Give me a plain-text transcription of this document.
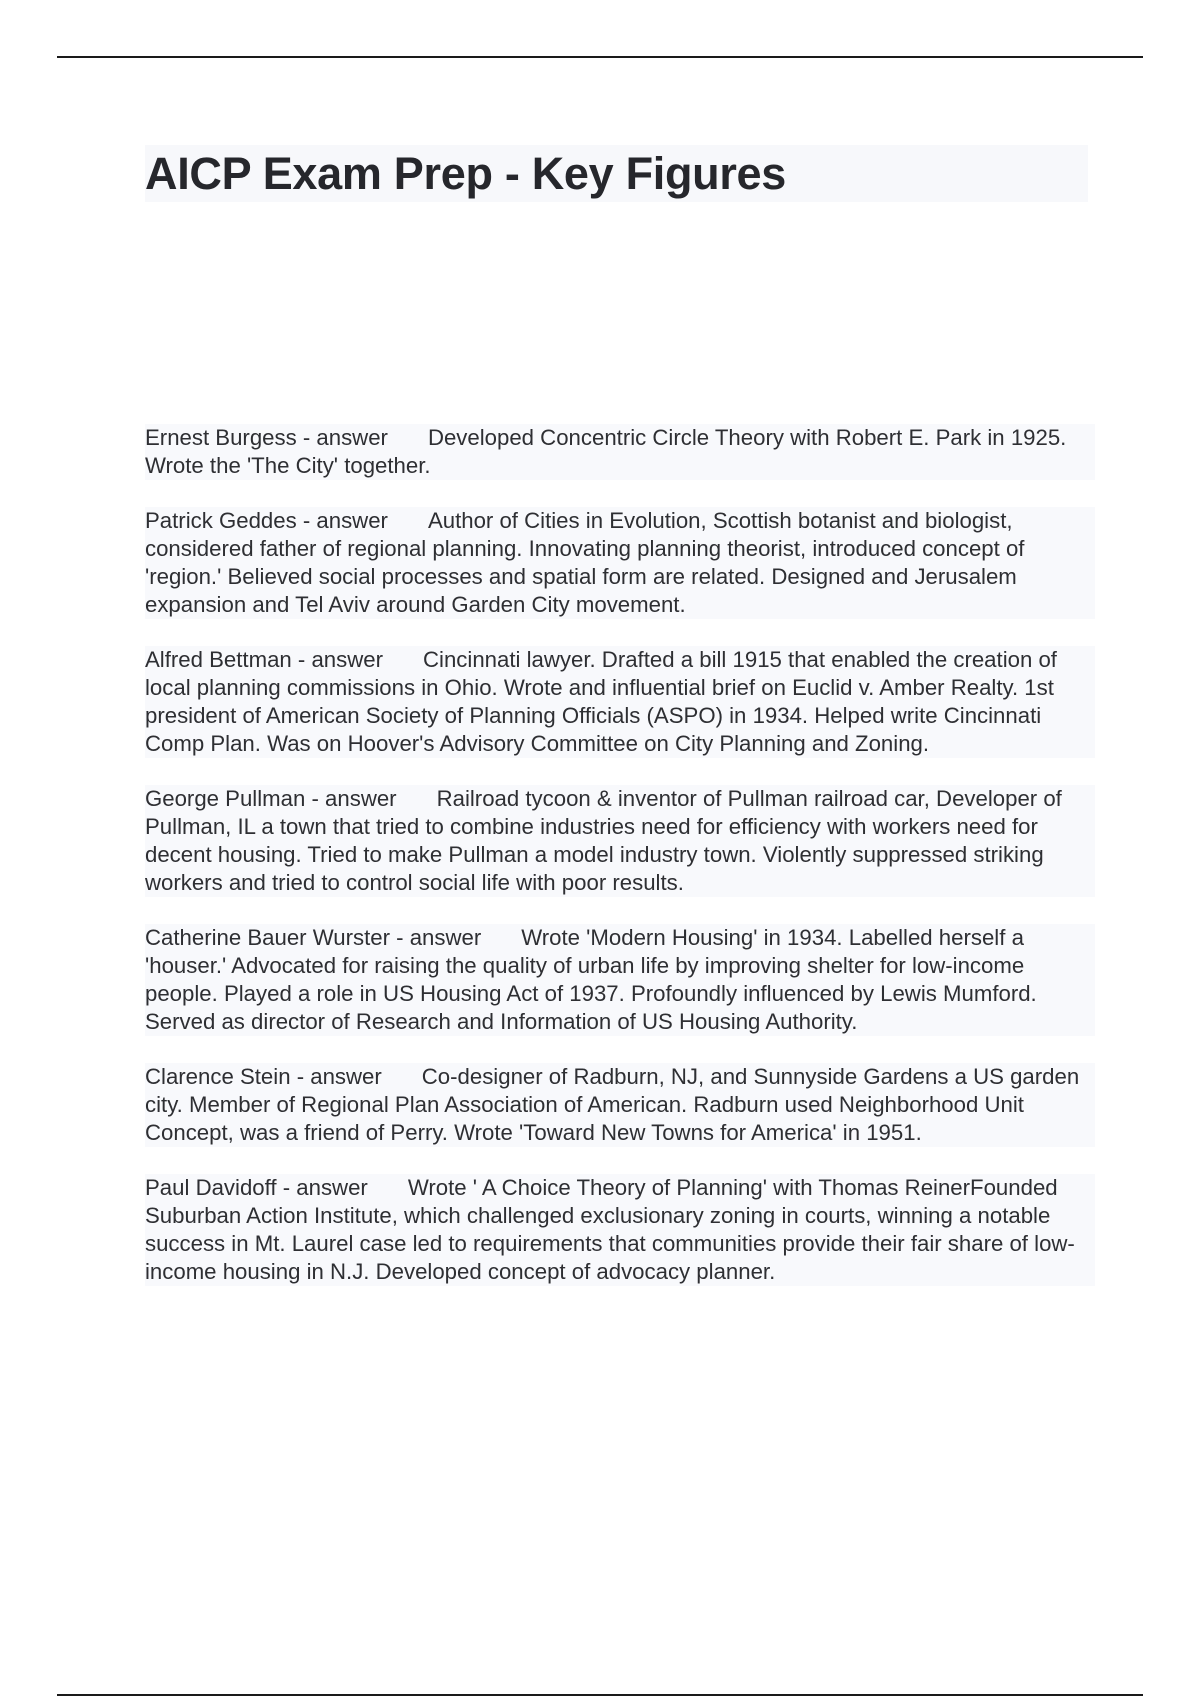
AICP Exam Prep - Key Figures

Ernest Burgess - answer Developed Concentric Circle Theory with Robert E. Park in 1925. Wrote the 'The City' together.

Patrick Geddes - answer Author of Cities in Evolution, Scottish botanist and biologist, considered father of regional planning. Innovating planning theorist, introduced concept of 'region.' Believed social processes and spatial form are related. Designed and Jerusalem expansion and Tel Aviv around Garden City movement.

Alfred Bettman - answer Cincinnati lawyer. Drafted a bill 1915 that enabled the creation of local planning commissions in Ohio. Wrote and influential brief on Euclid v. Amber Realty. 1st president of American Society of Planning Officials (ASPO) in 1934. Helped write Cincinnati Comp Plan. Was on Hoover's Advisory Committee on City Planning and Zoning.

George Pullman - answer Railroad tycoon & inventor of Pullman railroad car, Developer of Pullman, IL a town that tried to combine industries need for efficiency with workers need for decent housing. Tried to make Pullman a model industry town. Violently suppressed striking workers and tried to control social life with poor results.

Catherine Bauer Wurster - answer Wrote 'Modern Housing' in 1934. Labelled herself a 'houser.' Advocated for raising the quality of urban life by improving shelter for low-income people. Played a role in US Housing Act of 1937. Profoundly influenced by Lewis Mumford. Served as director of Research and Information of US Housing Authority.

Clarence Stein - answer Co-designer of Radburn, NJ, and Sunnyside Gardens a US garden city. Member of Regional Plan Association of American. Radburn used Neighborhood Unit Concept, was a friend of Perry. Wrote 'Toward New Towns for America' in 1951.

Paul Davidoff - answer Wrote ' A Choice Theory of Planning' with Thomas ReinerFounded Suburban Action Institute, which challenged exclusionary zoning in courts, winning a notable success in Mt. Laurel case led to requirements that communities provide their fair share of low-income housing in N.J. Developed concept of advocacy planner.
